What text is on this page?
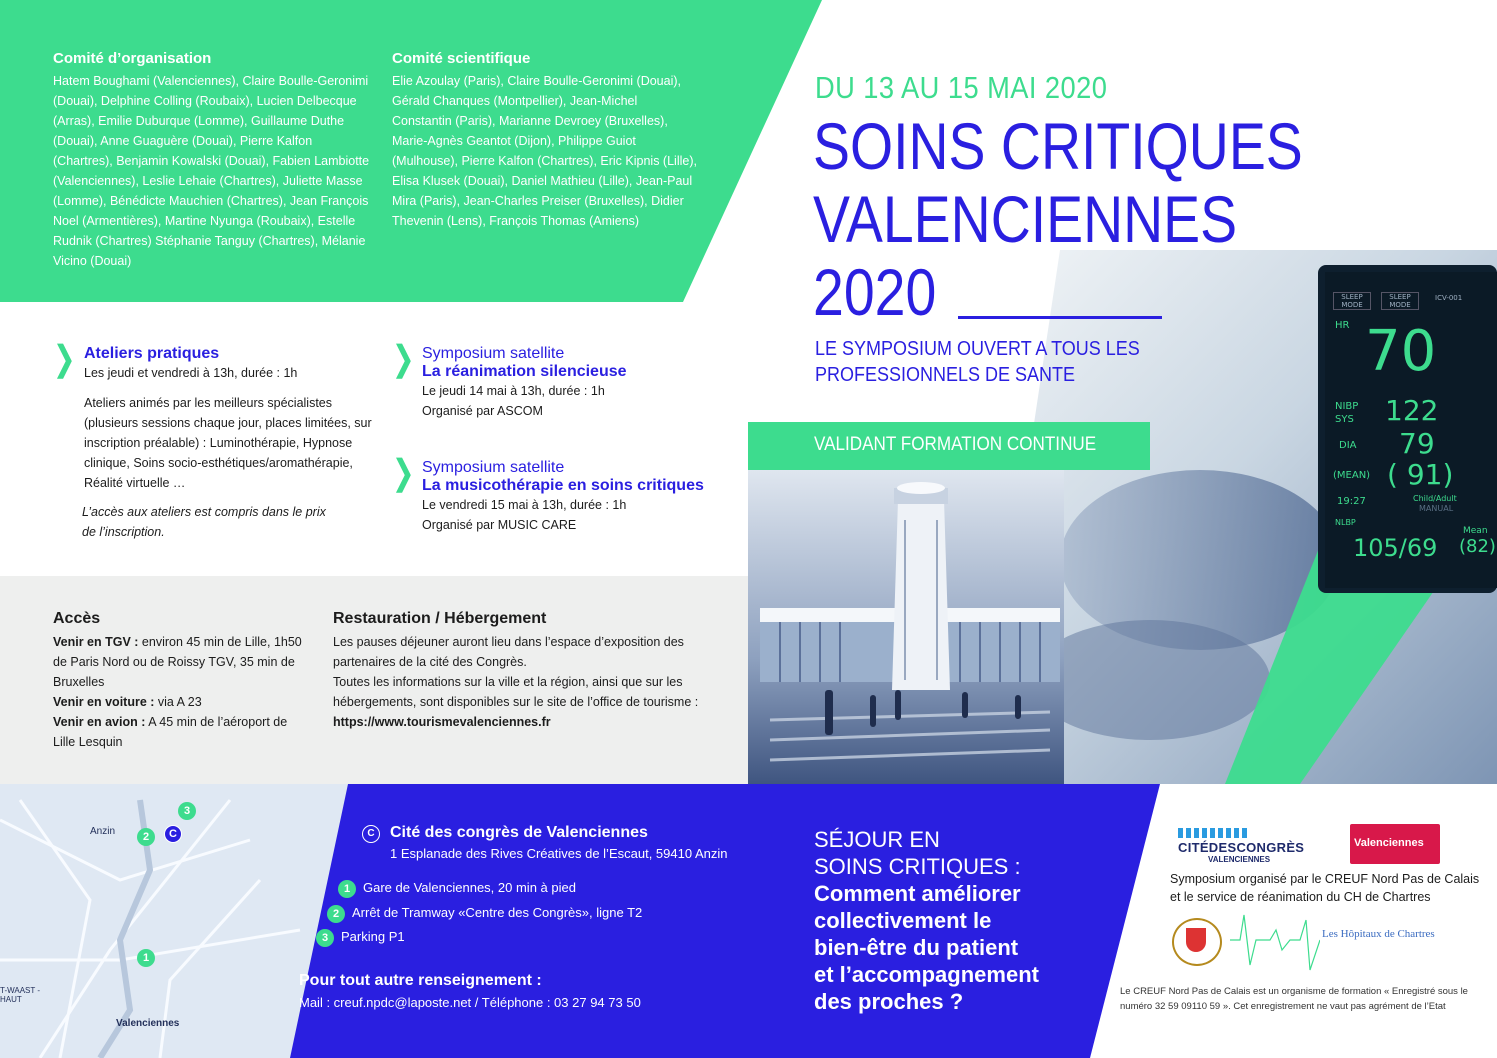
Comité d’organisation
Hatem Boughami (Valenciennes), Claire Boulle-Geronimi (Douai), Delphine Colling (Roubaix), Lucien Delbecque (Arras), Emilie Duburque (Lomme), Guillaume Duthe (Douai), Anne Guaguère (Douai), Pierre Kalfon (Chartres), Benjamin Kowalski (Douai), Fabien Lambiotte (Valenciennes), Leslie Lehaie (Chartres), Juliette Masse (Lomme), Bénédicte Mauchien (Chartres), Jean François Noel (Armentières), Martine Nyunga (Roubaix), Estelle Rudnik (Chartres) Stéphanie Tanguy (Chartres), Mélanie Vicino (Douai)
Comité scientifique
Elie Azoulay (Paris), Claire Boulle-Geronimi (Douai), Gérald Chanques (Montpellier), Jean-Michel Constantin (Paris), Marianne Devroey (Bruxelles), Marie-Agnès Geantot (Dijon), Philippe Guiot (Mulhouse), Pierre Kalfon (Chartres), Eric Kipnis (Lille), Elisa Klusek (Douai), Daniel Mathieu (Lille), Jean-Paul Mira (Paris), Jean-Charles Preiser (Bruxelles), Didier Thevenin (Lens), François Thomas (Amiens)
DU 13 AU 15 MAI 2020
SOINS CRITIQUES
VALENCIENNES
2020
LE SYMPOSIUM OUVERT A TOUS LES
PROFESSIONNELS DE SANTE
VALIDANT FORMATION CONTINUE
SLEEP MODE
SLEEP MODE
ICV-001
HR 70
NIBP SYS	122
DIA 79
(MEAN) ( 91)
19:27	Child/Adult
MANUAL
NLBP
105/69
Mean
(82)
❭ Ateliers pratiques
Les jeudi et vendredi à 13h, durée : 1h
Ateliers animés par les meilleurs spécialistes (plusieurs sessions chaque jour, places limitées, sur inscription préalable) : Luminothérapie, Hypnose clinique, Soins socio-esthétiques/aromathérapie, Réalité virtuelle …
L’accès aux ateliers est compris dans le prix
de l’inscription.
❭ Symposium satellite
La réanimation silencieuse
Le jeudi 14 mai à 13h, durée : 1h
Organisé par ASCOM
❭ Symposium satellite
La musicothérapie en soins critiques
Le vendredi 15 mai à 13h, durée : 1h
Organisé par MUSIC CARE
Accès
Venir en TGV : environ 45 min de Lille, 1h50 de Paris Nord ou de Roissy TGV, 35 min de Bruxelles
Venir en voiture : via A 23
Venir en avion : A 45 min de l’aéroport de Lille Lesquin
Restauration / Hébergement
Les pauses déjeuner auront lieu dans l’espace d’exposition des partenaires de la cité des Congrès.
Toutes les informations sur la ville et la région, ainsi que sur les hébergements, sont disponibles sur le site de l’office de tourisme :
https://www.tourismevalenciennes.fr
Anzin
T-WAAST -HAUT
Valenciennes
3
2	C
1
C Cité des congrès de Valenciennes
1 Esplanade des Rives Créatives de l’Escaut, 59410 Anzin
1 Gare de Valenciennes, 20 min à pied
2 Arrêt de Tramway «Centre des Congrès», ligne T2
3 Parking P1
Pour tout autre renseignement :
Mail : creuf.npdc@laposte.net / Téléphone : 03 27 94 73 50
SÉJOUR EN
SOINS CRITIQUES :
Comment améliorer
collectivement le
bien-être du patient
et l’accompagnement
des proches ?
CITÉDESCONGRÈS
VALENCIENNES
Valenciennes
Symposium organisé par le CREUF Nord Pas de Calais
et le service de réanimation du CH de Chartres
Les Hôpitaux de Chartres
Le CREUF Nord Pas de Calais est un organisme de formation « Enregistré sous le
numéro 32 59 09110 59 ». Cet enregistrement ne vaut pas agrément de l’Etat
